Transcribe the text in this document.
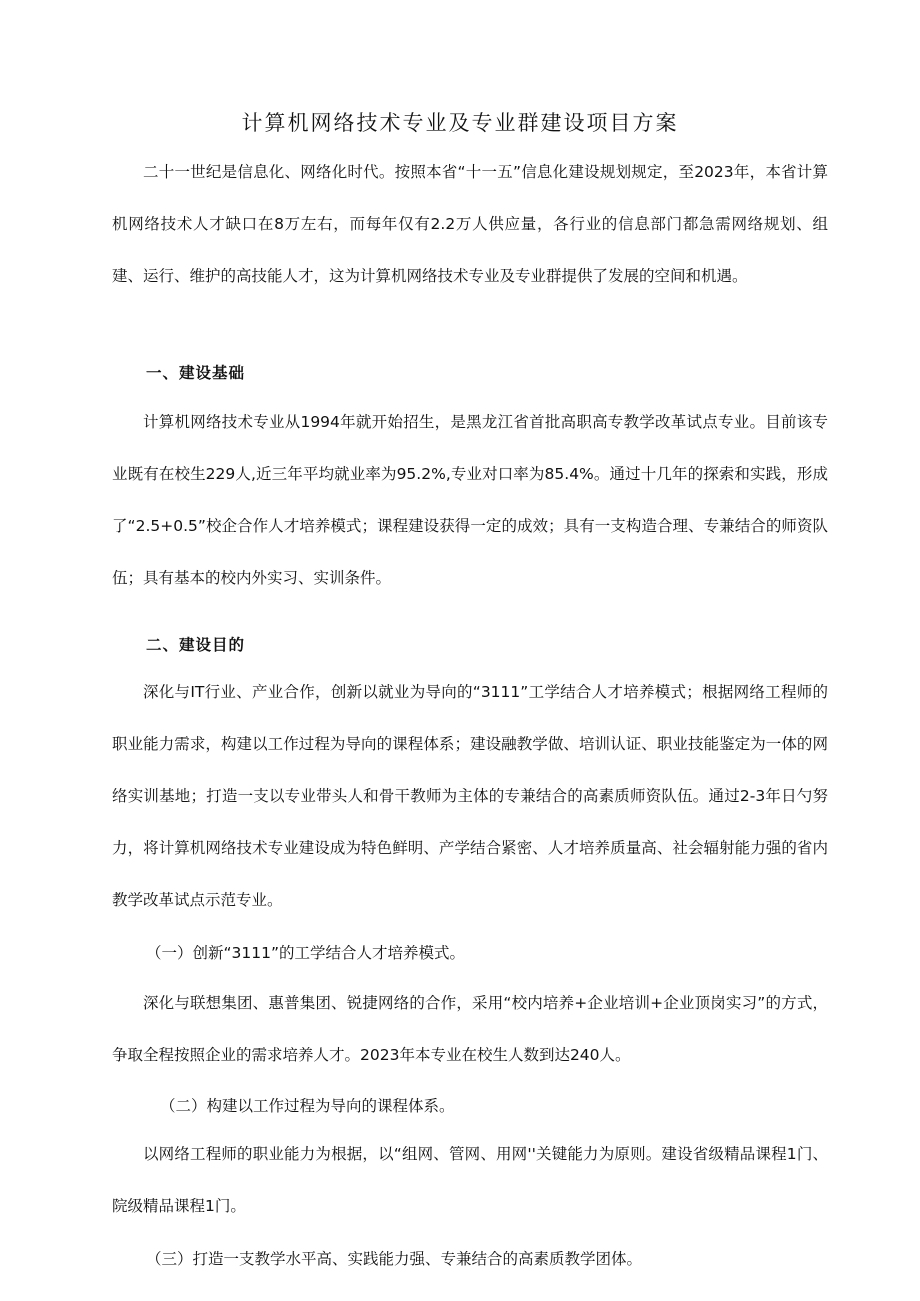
计算机网络技术专业及专业群建设项目方案

二十一世纪是信息化、网络化时代。按照本省“十一五”信息化建设规划规定，至2023年，本省计算机网络技术人才缺口在8万左右，而每年仅有2.2万人供应量，各行业的信息部门都急需网络规划、组建、运行、维护的高技能人才，这为计算机网络技术专业及专业群提供了发展的空间和机遇。

一、建设基础

计算机网络技术专业从1994年就开始招生，是黑龙江省首批高职高专教学改革试点专业。目前该专业既有在校生229人,近三年平均就业率为95.2%,专业对口率为85.4%。通过十几年的探索和实践，形成了“2.5+0.5”校企合作人才培养模式；课程建设获得一定的成效；具有一支构造合理、专兼结合的师资队伍；具有基本的校内外实习、实训条件。

二、建设目的

深化与IT行业、产业合作，创新以就业为导向的“3111”工学结合人才培养模式；根据网络工程师的职业能力需求，构建以工作过程为导向的课程体系；建设融教学做、培训认证、职业技能鉴定为一体的网络实训基地；打造一支以专业带头人和骨干教师为主体的专兼结合的高素质师资队伍。通过2-3年日勺努力，将计算机网络技术专业建设成为特色鲜明、产学结合紧密、人才培养质量高、社会辐射能力强的省内教学改革试点示范专业。

（一）创新“3111”的工学结合人才培养模式。

深化与联想集团、惠普集团、锐捷网络的合作，采用“校内培养+企业培训+企业顶岗实习”的方式，争取全程按照企业的需求培养人才。2023年本专业在校生人数到达240人。

（二）构建以工作过程为导向的课程体系。

以网络工程师的职业能力为根据，以“组网、管网、用网''关键能力为原则。建设省级精品课程1门、院级精品课程1门。

（三）打造一支教学水平高、实践能力强、专兼结合的高素质教学团体。
